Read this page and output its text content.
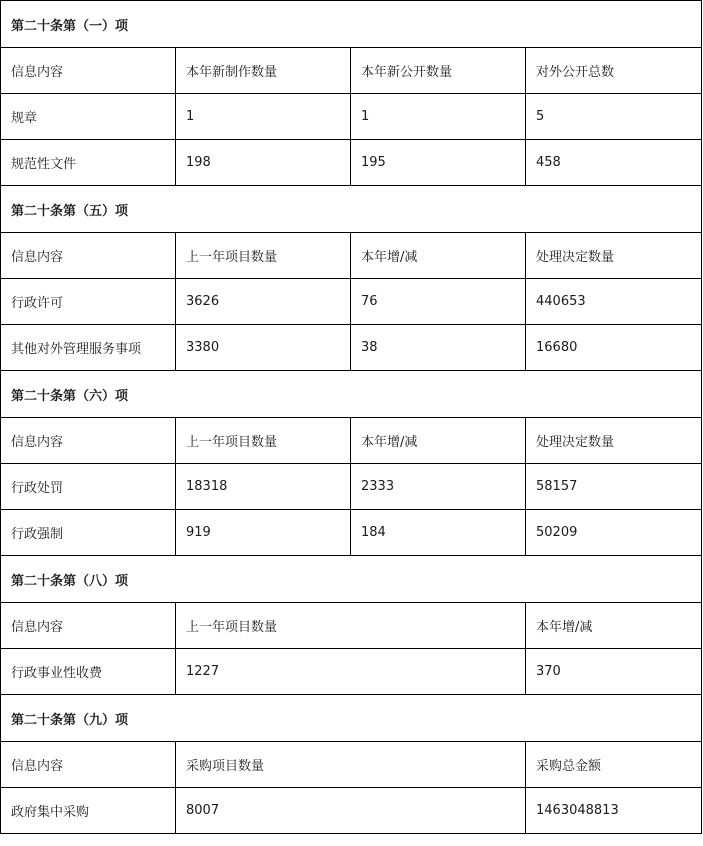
第二十条第（一）项			
信息内容	本年新制作数量	本年新公开数量	对外公开总数
规章	1	1	5
规范性文件	198	195	458
第二十条第（五）项			
信息内容	上一年项目数量	本年增/减	处理决定数量
行政许可	3626	76	440653
其他对外管理服务事项	3380	38	16680
第二十条第（六）项			
信息内容	上一年项目数量	本年增/减	处理决定数量
行政处罚	18318	2333	58157
行政强制	919	184	50209
第二十条第（八）项			
信息内容	上一年项目数量		本年增/减
行政事业性收费	1227		370
第二十条第（九）项			
信息内容	采购项目数量		采购总金额
政府集中采购	8007		1463048813
